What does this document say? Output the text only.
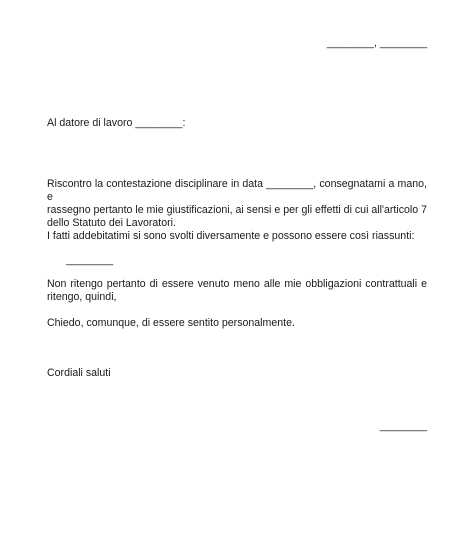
________, ________
Al datore di lavoro ________:
Riscontro la contestazione disciplinare in data ________, consegnatami a mano, e
rassegno pertanto le mie giustificazioni, ai sensi e per gli effetti di cui all'articolo 7
dello Statuto dei Lavoratori.
I fatti addebitatimi si sono svolti diversamente e possono essere così riassunti:
________
Non ritengo pertanto di essere venuto meno alle mie obbligazioni contrattuali e
ritengo, quindi,
Chiedo, comunque, di essere sentito personalmente.
Cordiali saluti
________
